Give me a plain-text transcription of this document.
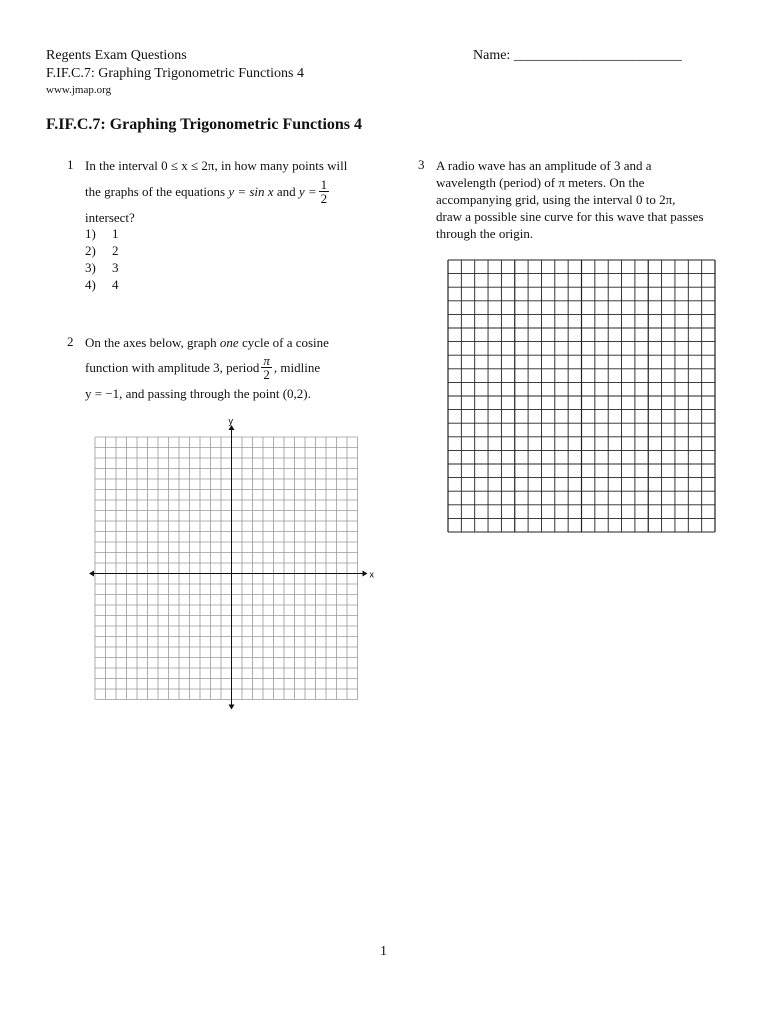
Regents Exam Questions
F.IF.C.7: Graphing Trigonometric Functions 4
www.jmap.org
Name: ________________________
F.IF.C.7: Graphing Trigonometric Functions 4
1 In the interval 0 ≤ x ≤ 2π, in how many points will
the graphs of the equations
y = sin x
and
$y = \frac{1}{2}$
intersect?
1) 1
2) 2
3) 3
4) 4
2 On the axes below, graph one cycle of a cosine
function with amplitude 3, period $\frac{\pi}{2}$ , midline
y = −1, and passing through the point (0,2).
x
y
3 A radio wave has an amplitude of 3 and a
wavelength (period) of π meters. On the
accompanying grid, using the interval 0 to 2π,
draw a possible sine curve for this wave that passes
through the origin.
1
